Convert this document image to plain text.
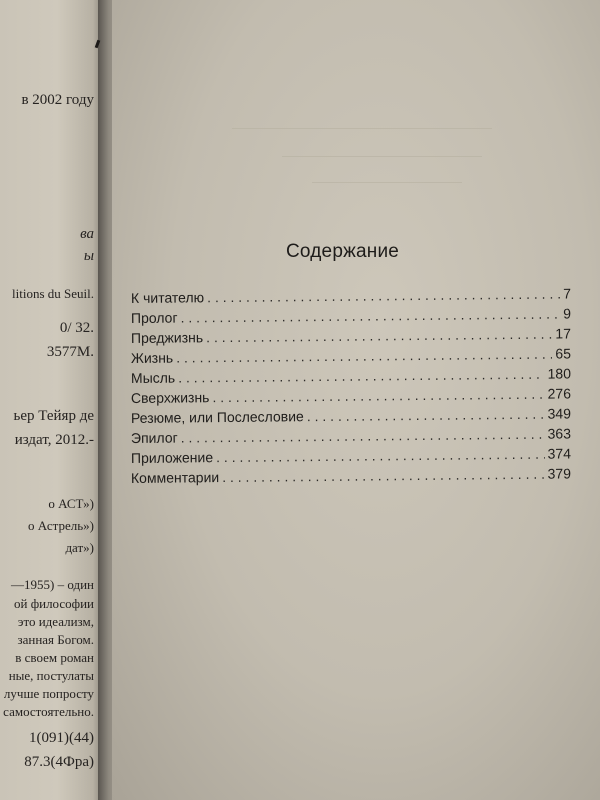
в 2002 году
ва
ы
litions du Seuil.
0/ 32.
3577M.
ьер Тейяр де
издат, 2012.-
о АСТ»)
о Астрель»)
дат»)
—1955) – один
ой философии
это идеализм,
занная Богом.
в своем роман
ные, постулаты
лучше попросту
самостоятельно.
1(091)(44)
87.3(4Фра)
Содержание
К читателю . . .	7
Пролог . . .	9
Преджизнь . . .	17
Жизнь . . .	65
Мысль . . .	180
Сверхжизнь . . .	276
Резюме, или Послесловие . . .	349
Эпилог . . .	363
Приложение . . .	374
Комментарии . . .	379
